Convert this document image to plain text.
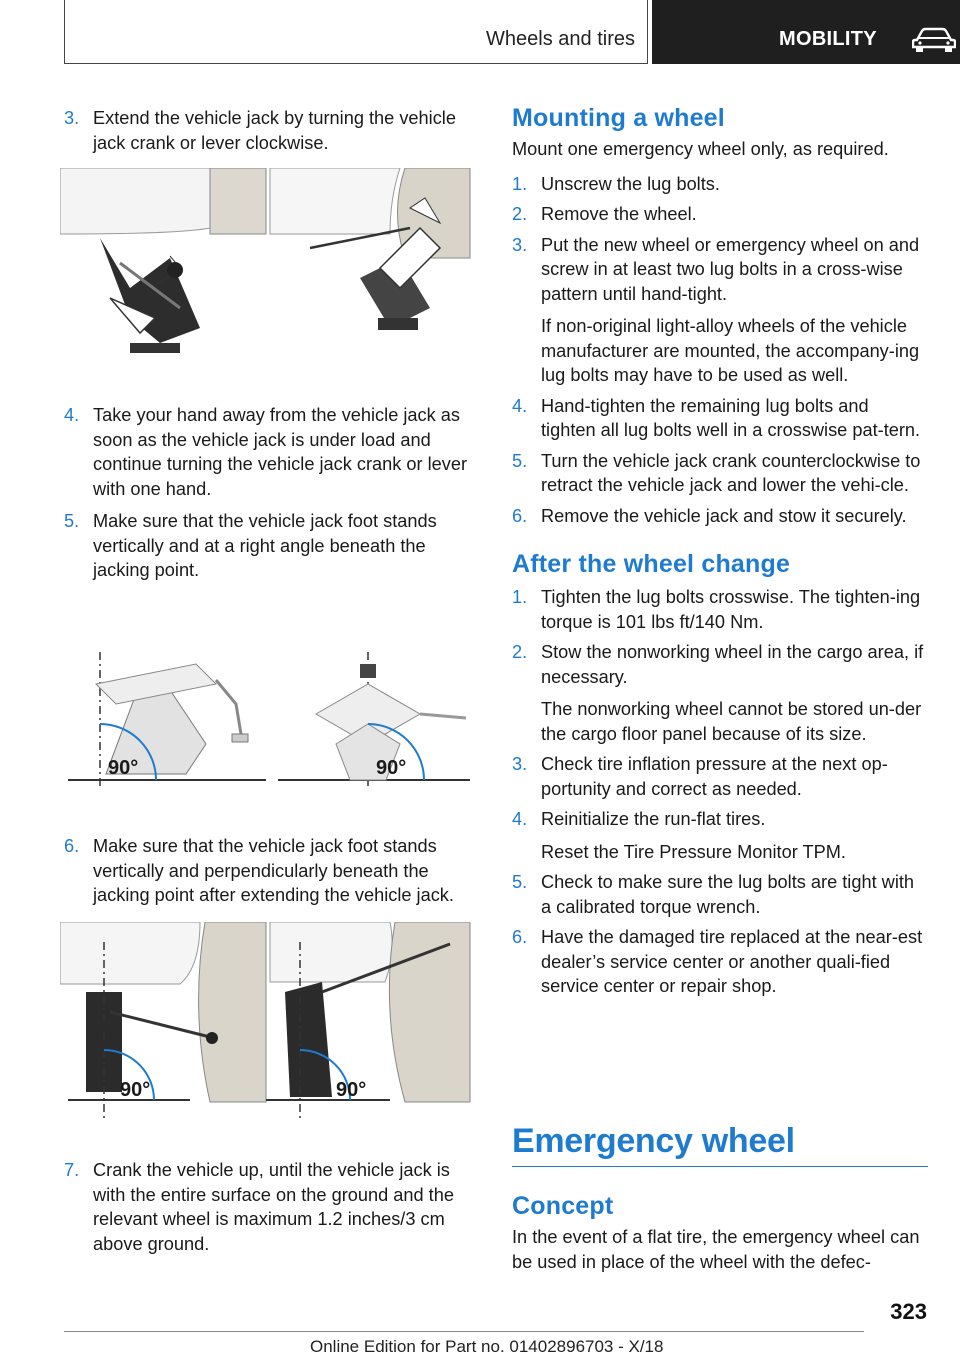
Wheels and tires	MOBILITY
3. Extend the vehicle jack by turning the vehicle jack crank or lever clockwise.

4. Take your hand away from the vehicle jack as soon as the vehicle jack is under load and continue turning the vehicle jack crank or lever with one hand.

5. Make sure that the vehicle jack foot stands vertically and at a right angle beneath the jacking point.

90°	90°
6. Make sure that the vehicle jack foot stands vertically and perpendicularly beneath the jacking point after extending the vehicle jack.

90°	90°
7. Crank the vehicle up, until the vehicle jack is with the entire surface on the ground and the relevant wheel is maximum 1.2 inches/3 cm above ground.

Mounting a wheel

Mount one emergency wheel only, as required.

1. Unscrew the lug bolts.

2. Remove the wheel.

3. Put the new wheel or emergency wheel on and screw in at least two lug bolts in a cross-wise pattern until hand-tight.

If non-original light-alloy wheels of the vehicle manufacturer are mounted, the accompany-ing lug bolts may have to be used as well.

4. Hand-tighten the remaining lug bolts and tighten all lug bolts well in a crosswise pat-tern.

5. Turn the vehicle jack crank counterclockwise to retract the vehicle jack and lower the vehi-cle.

6. Remove the vehicle jack and stow it securely.

After the wheel change
1. Tighten the lug bolts crosswise. The tighten-ing torque is 101 lbs ft/140 Nm.

2. Stow the nonworking wheel in the cargo area, if necessary.

The nonworking wheel cannot be stored un-der the cargo floor panel because of its size.

3. Check tire inflation pressure at the next op-portunity and correct as needed.

4. Reinitialize the run-flat tires.

Reset the Tire Pressure Monitor TPM.

5. Check to make sure the lug bolts are tight with a calibrated torque wrench.

6. Have the damaged tire replaced at the near-est dealer’s service center or another quali-fied service center or repair shop.

Emergency wheel
Concept

In the event of a flat tire, the emergency wheel can be used in place of the wheel with the defec-

323
Online Edition for Part no. 01402896703 - X/18
